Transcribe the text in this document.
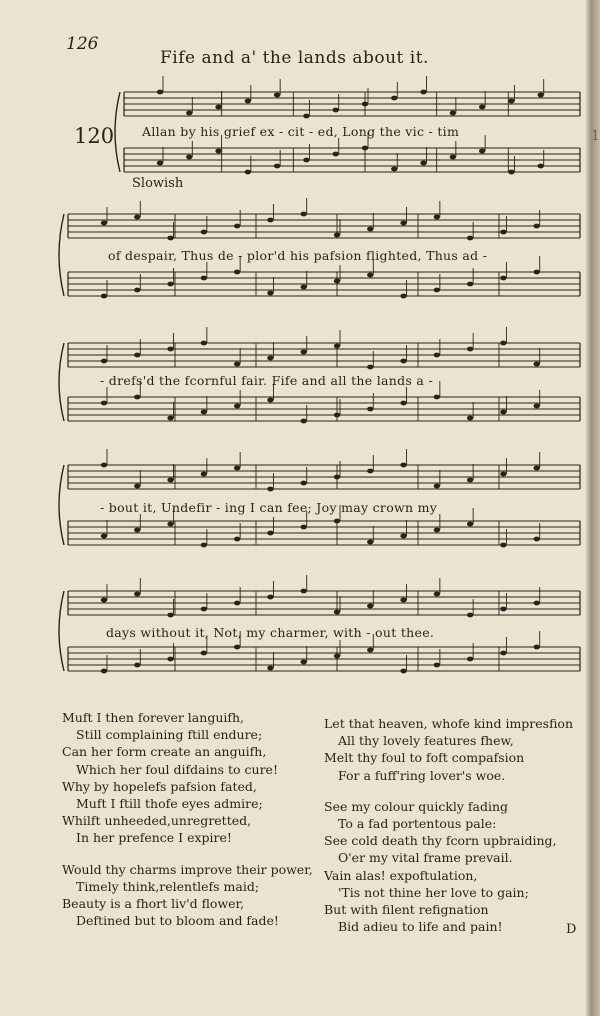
126
Fife and a' the lands about it.
120
Slowish
1
Allan by his grief ex - cit - ed, Long the vic - tim
of despair, Thus de - plor'd his pafsion flighted, Thus ad -
- drefs'd the fcornful fair. Fife and all the lands a -
- bout it, Undefir - ing I can fee; Joy may crown my
days without it, Not, my charmer, with - out thee.
Muft I then forever languifh,
Still complaining ftill endure;
Can her form create an anguifh,
Which her foul difdains to cure!
Why by hopelefs pafsion fated,
Muft I ftill thofe eyes admire;
Whilft unheeded,unregretted,
In her prefence I expire!
Would thy charms improve their power,
Timely think,relentlefs maid;
Beauty is a fhort liv'd flower,
Deftined but to bloom and fade!
Let that heaven, whofe kind impresfion
All thy lovely features fhew,
Melt thy foul to foft compafsion
For a fuff'ring lover's woe.
See my colour quickly fading
To a fad portentous pale:
See cold death thy fcorn upbraiding,
O'er my vital frame prevail.
Vain alas! expoftulation,
'Tis not thine her love to gain;
But with filent refignation
Bid adieu to life and pain!	D
